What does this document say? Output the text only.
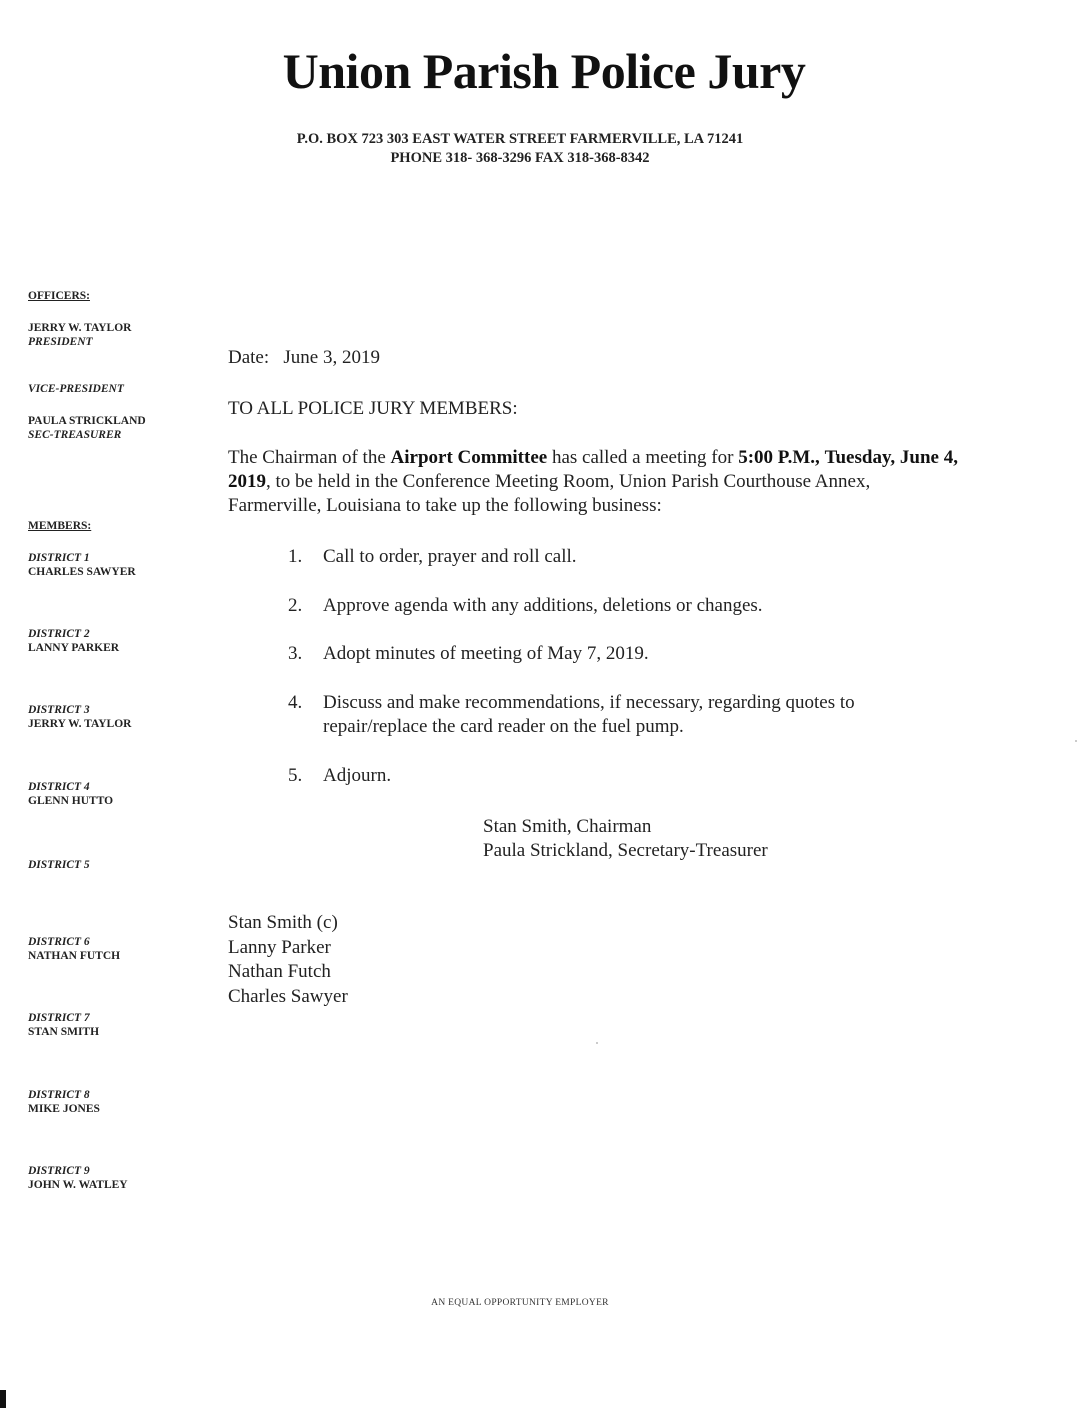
Union Parish Police Jury
P.O. BOX 723 303 EAST WATER STREET FARMERVILLE, LA 71241
PHONE 318- 368-3296 FAX 318-368-8342
OFFICERS:
JERRY W. TAYLOR
PRESIDENT
VICE-PRESIDENT
PAULA STRICKLAND
SEC-TREASURER
MEMBERS:
DISTRICT 1
CHARLES SAWYER
DISTRICT 2
LANNY PARKER
DISTRICT 3
JERRY W. TAYLOR
DISTRICT 4
GLENN HUTTO
DISTRICT 5
DISTRICT 6
NATHAN FUTCH
DISTRICT 7
STAN SMITH
DISTRICT 8
MIKE JONES
DISTRICT 9
JOHN W. WATLEY
Date: June 3, 2019
TO ALL POLICE JURY MEMBERS:
The Chairman of the Airport Committee has called a meeting for 5:00 P.M., Tuesday, June 4, 2019, to be held in the Conference Meeting Room, Union Parish Courthouse Annex, Farmerville, Louisiana to take up the following business:
1. Call to order, prayer and roll call.
2. Approve agenda with any additions, deletions or changes.
3. Adopt minutes of meeting of May 7, 2019.
4. Discuss and make recommendations, if necessary, regarding quotes to repair/replace the card reader on the fuel pump.
5. Adjourn.
Stan Smith, Chairman
Paula Strickland, Secretary-Treasurer
Stan Smith (c)
Lanny Parker
Nathan Futch
Charles Sawyer
AN EQUAL OPPORTUNITY EMPLOYER
